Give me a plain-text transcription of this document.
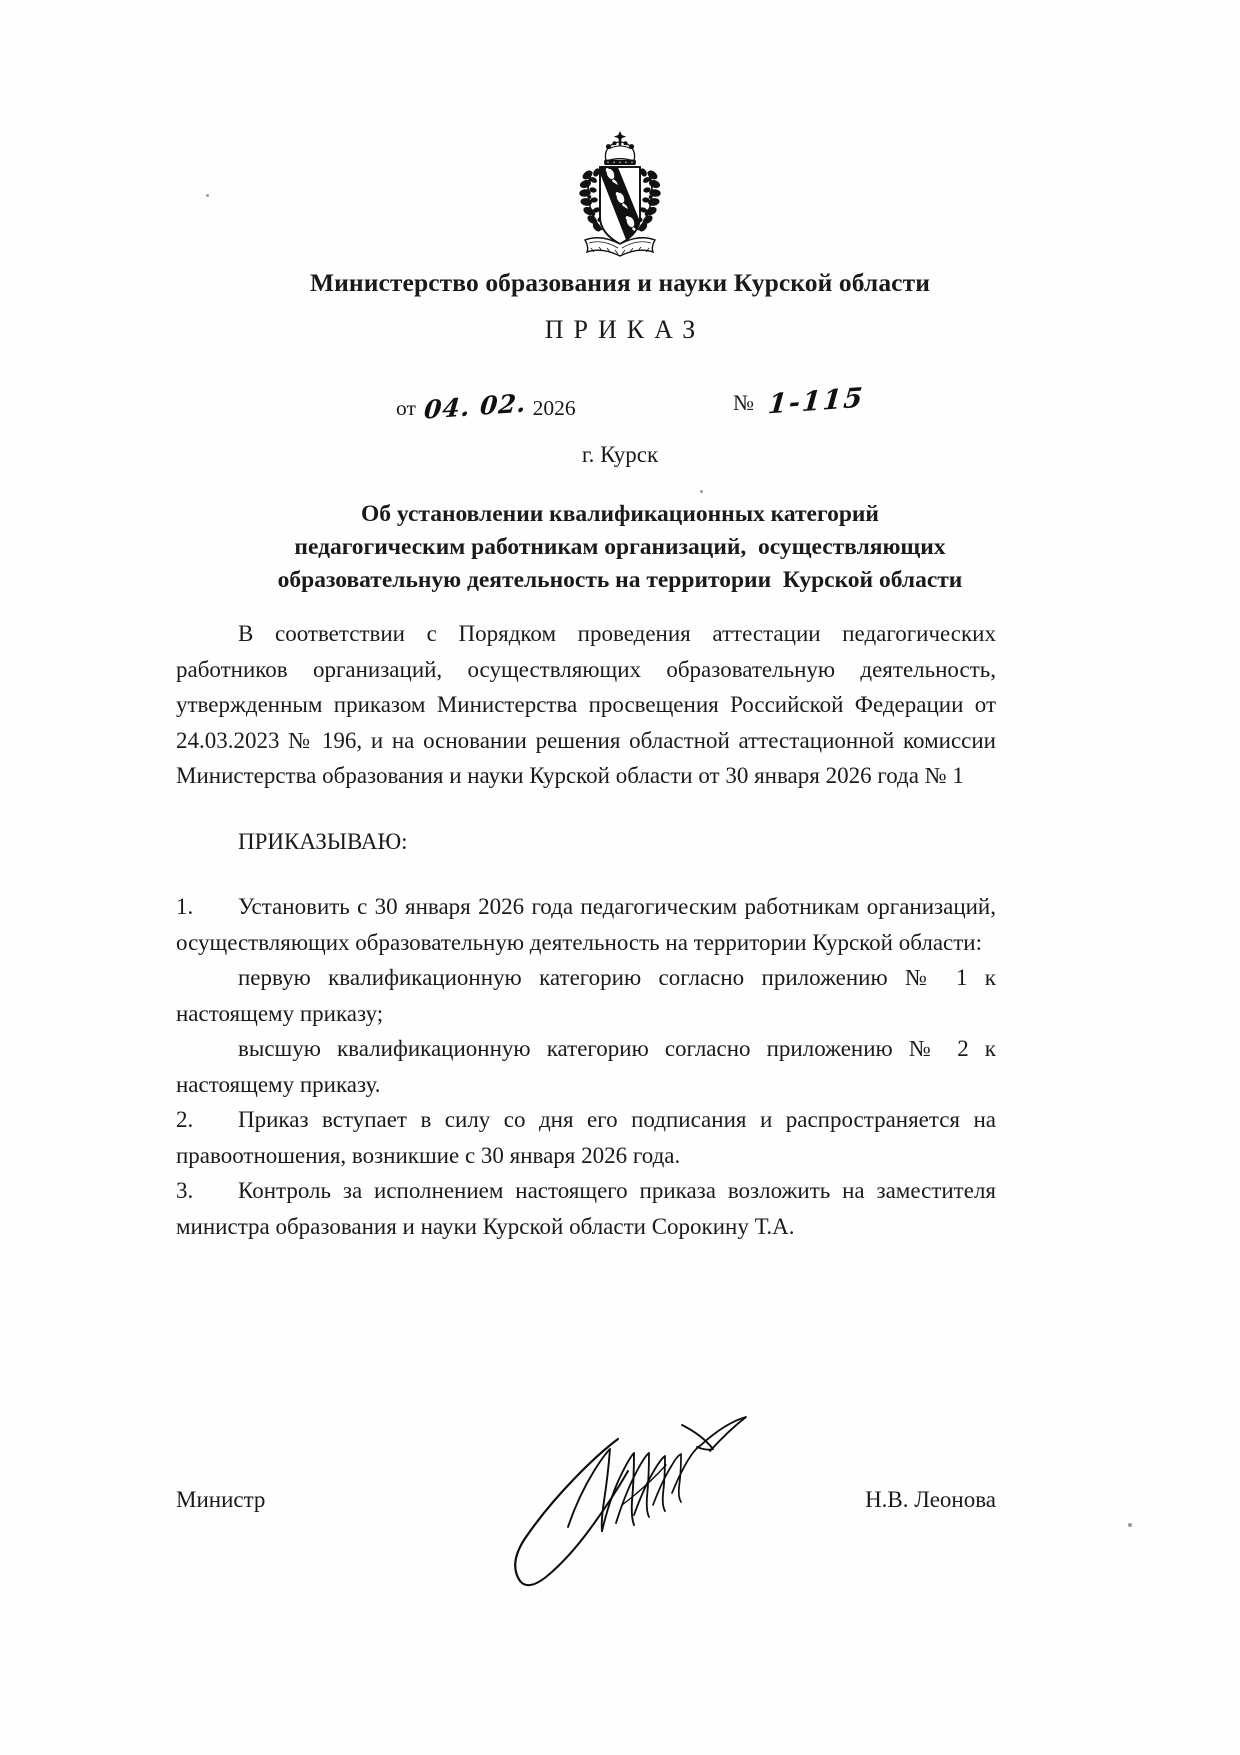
Министерство образования и науки Курской области
ПРИКАЗ
от 04. 02. 2026	№ 1-115
г. Курск
Об установлении квалификационных категорий
педагогическим работникам организаций,  осуществляющих
образовательную деятельность на территории  Курской области

В соответствии с Порядком проведения аттестации педагогических работников организаций, осуществляющих образовательную деятельность, утвержденным приказом Министерства просвещения Российской Федерации от 24.03.2023 № 196, и на основании решения областной аттестационной комиссии Министерства образования и науки Курской области от 30 января 2026 года № 1

ПРИКАЗЫВАЮ:

1. Установить с 30 января 2026 года педагогическим работникам организаций, осуществляющих образовательную деятельность на территории Курской области:

первую квалификационную категорию согласно приложению № 1 к настоящему приказу;

высшую квалификационную категорию согласно приложению № 2 к настоящему приказу.

2. Приказ вступает в силу со дня его подписания и распространяется на правоотношения, возникшие с 30 января 2026 года.

3. Контроль за исполнением настоящего приказа возложить на заместителя министра образования и науки Курской области Сорокину Т.А.

Министр	Н.В. Леонова
